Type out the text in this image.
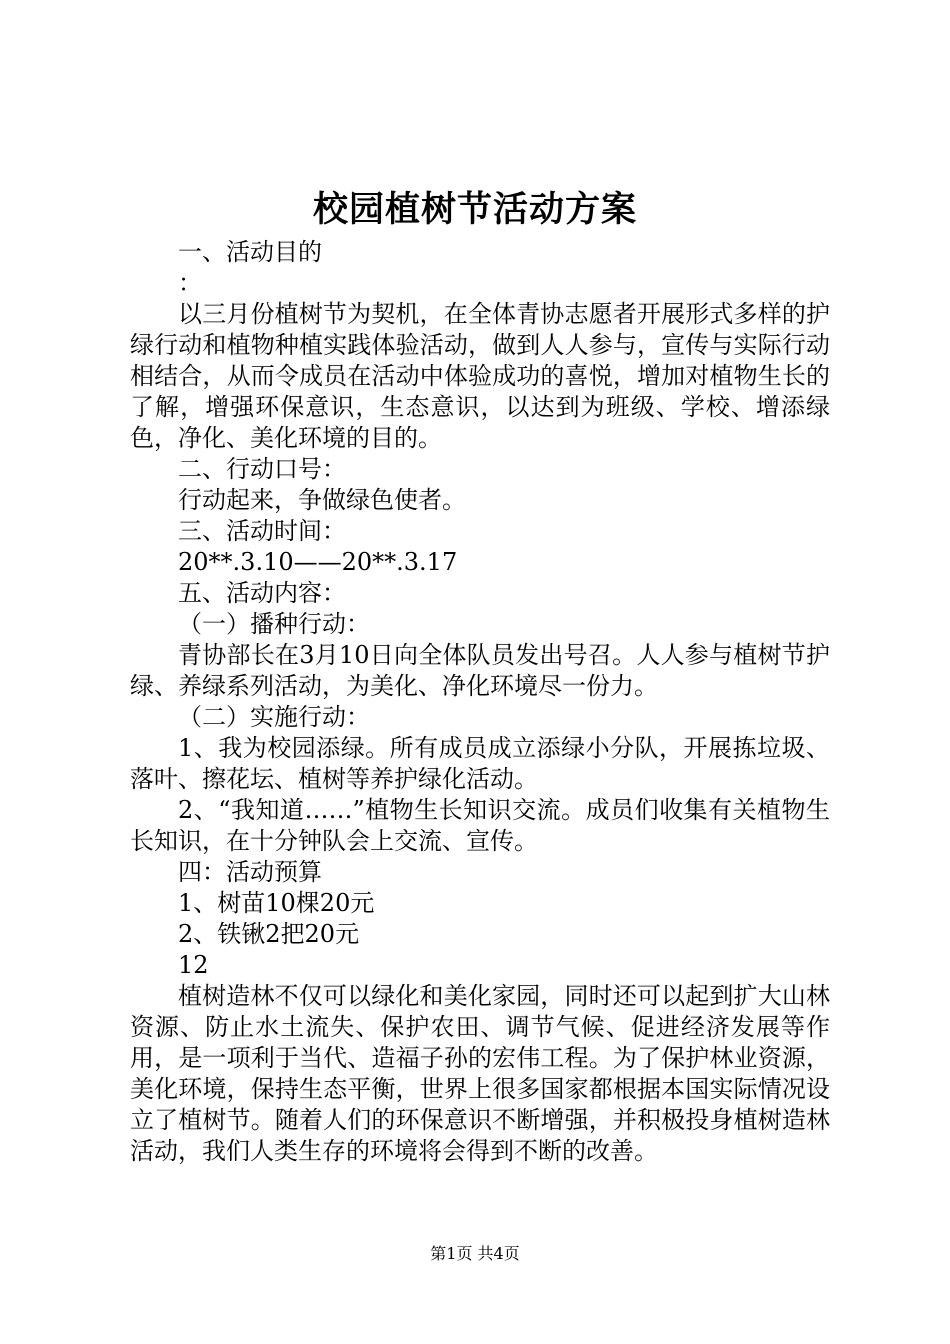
校园植树节活动方案

一、活动目的

：

以三月份植树节为契机，在全体青协志愿者开展形式多样的护绿行动和植物种植实践体验活动，做到人人参与，宣传与实际行动相结合，从而令成员在活动中体验成功的喜悦，增加对植物生长的了解，增强环保意识，生态意识，以达到为班级、学校、增添绿色，净化、美化环境的目的。

二、行动口号：

行动起来，争做绿色使者。

三、活动时间：

20**.3.10——20**.3.17

五、活动内容：

（一）播种行动：

青协部长在3月10日向全体队员发出号召。人人参与植树节护绿、养绿系列活动，为美化、净化环境尽一份力。

（二）实施行动：

1、我为校园添绿。所有成员成立添绿小分队，开展拣垃圾、落叶、擦花坛、植树等养护绿化活动。

2、“我知道……”植物生长知识交流。成员们收集有关植物生长知识，在十分钟队会上交流、宣传。

四：活动预算

1、树苗10棵20元

2、铁锹2把20元

12

植树造林不仅可以绿化和美化家园，同时还可以起到扩大山林资源、防止水土流失、保护农田、调节气候、促进经济发展等作用，是一项利于当代、造福子孙的宏伟工程。为了保护林业资源，美化环境，保持生态平衡，世界上很多国家都根据本国实际情况设立了植树节。随着人们的环保意识不断增强，并积极投身植树造林活动，我们人类生存的环境将会得到不断的改善。

第1页 共4页
